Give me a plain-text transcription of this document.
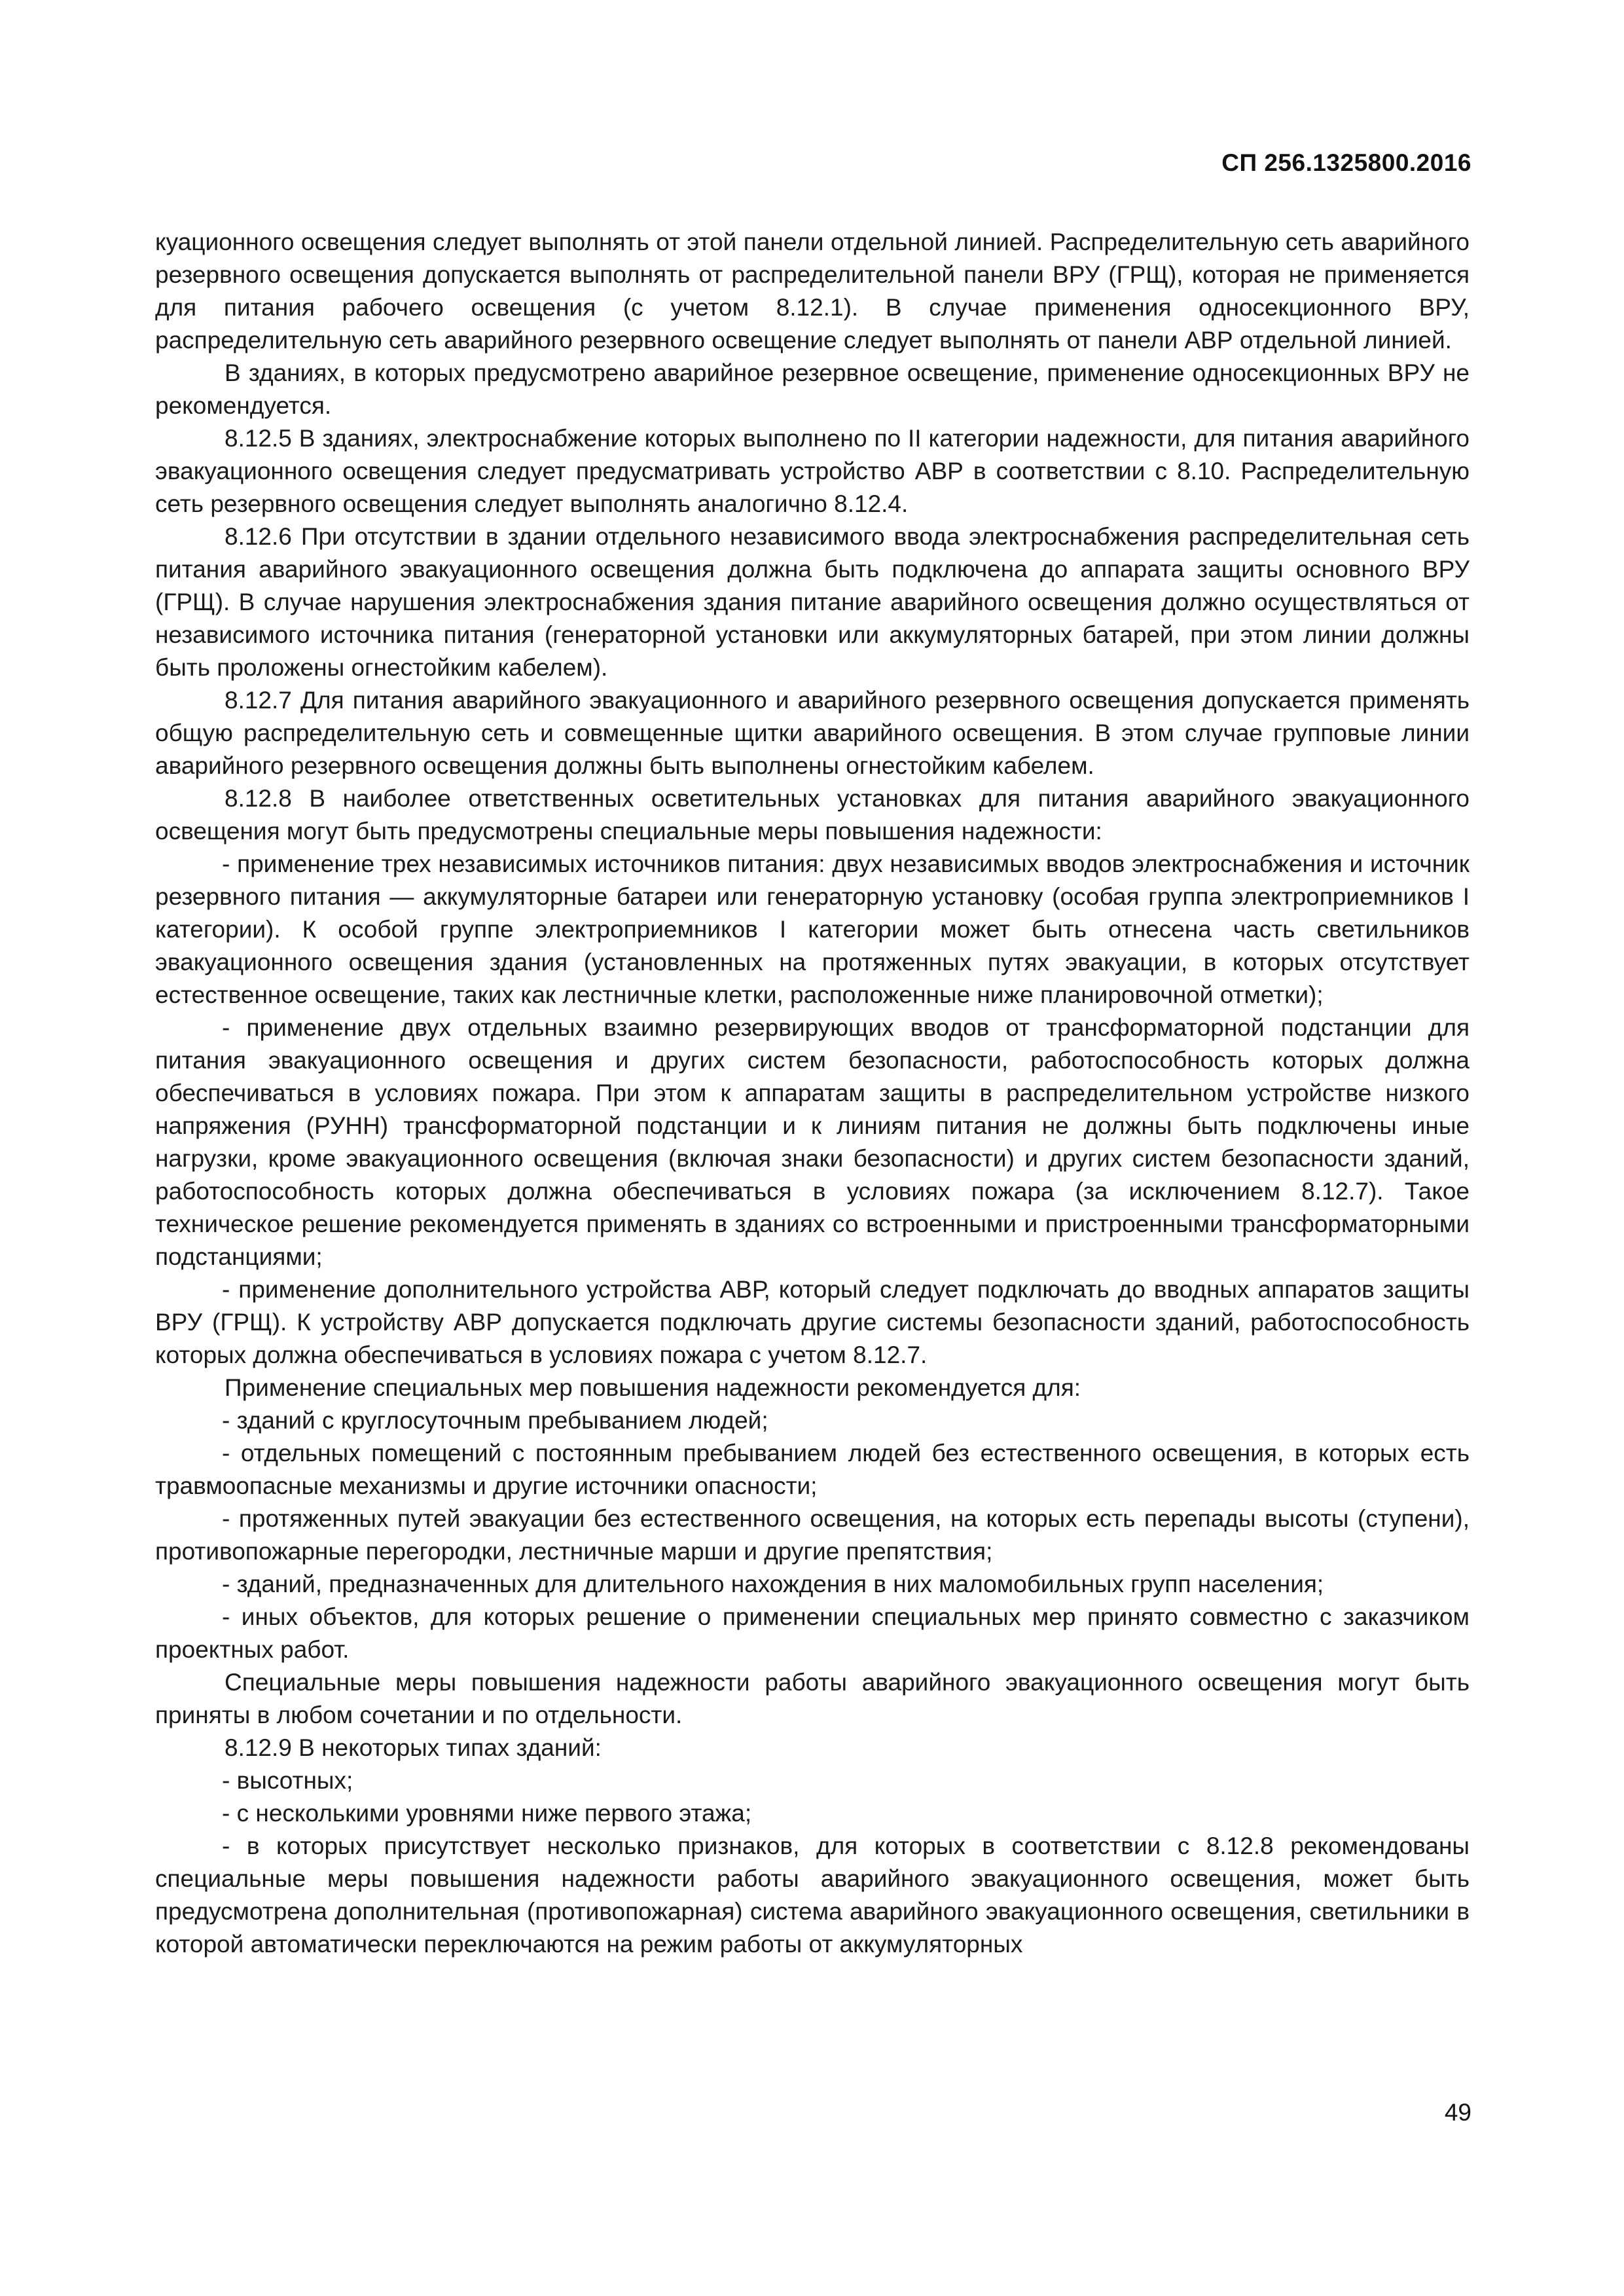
СП 256.1325800.2016

куационного освещения следует выполнять от этой панели отдельной линией. Распределительную сеть аварийного резервного освещения допускается выполнять от распределительной панели ВРУ (ГРЩ), которая не применяется для питания рабочего освещения (с учетом 8.12.1). В случае применения односекционного ВРУ, распределительную сеть аварийного резервного освещение следует выполнять от панели АВР отдельной линией.

В зданиях, в которых предусмотрено аварийное резервное освещение, применение односекционных ВРУ не рекомендуется.

8.12.5 В зданиях, электроснабжение которых выполнено по II категории надежности, для питания аварийного эвакуационного освещения следует предусматривать устройство АВР в соответствии с 8.10. Распределительную сеть резервного освещения следует выполнять аналогично 8.12.4.

8.12.6 При отсутствии в здании отдельного независимого ввода электроснабжения распределительная сеть питания аварийного эвакуационного освещения должна быть подключена до аппарата защиты основного ВРУ (ГРЩ). В случае нарушения электроснабжения здания питание аварийного освещения должно осуществляться от независимого источника питания (генераторной установки или аккумуляторных батарей, при этом линии должны быть проложены огнестойким кабелем).

8.12.7 Для питания аварийного эвакуационного и аварийного резервного освещения допускается применять общую распределительную сеть и совмещенные щитки аварийного освещения. В этом случае групповые линии аварийного резервного освещения должны быть выполнены огнестойким кабелем.

8.12.8 В наиболее ответственных осветительных установках для питания аварийного эвакуационного освещения могут быть предусмотрены специальные меры повышения надежности:

- применение трех независимых источников питания: двух независимых вводов электроснабжения и источник резервного питания — аккумуляторные батареи или генераторную установку (особая группа электроприемников I категории). К особой группе электроприемников I категории может быть отнесена часть светильников эвакуационного освещения здания (установленных на протяженных путях эвакуации, в которых отсутствует естественное освещение, таких как лестничные клетки, расположенные ниже планировочной отметки);

- применение двух отдельных взаимно резервирующих вводов от трансформаторной подстанции для питания эвакуационного освещения и других систем безопасности, работоспособность которых должна обеспечиваться в условиях пожара. При этом к аппаратам защиты в распределительном устройстве низкого напряжения (РУНН) трансформаторной подстанции и к линиям питания не должны быть подключены иные нагрузки, кроме эвакуационного освещения (включая знаки безопасности) и других систем безопасности зданий, работоспособность которых должна обеспечиваться в условиях пожара (за исключением 8.12.7). Такое техническое решение рекомендуется применять в зданиях со встроенными и пристроенными трансформаторными подстанциями;

- применение дополнительного устройства АВР, который следует подключать до вводных аппаратов защиты ВРУ (ГРЩ). К устройству АВР допускается подключать другие системы безопасности зданий, работоспособность которых должна обеспечиваться в условиях пожара с учетом 8.12.7.

Применение специальных мер повышения надежности рекомендуется для:

- зданий с круглосуточным пребыванием людей;

- отдельных помещений с постоянным пребыванием людей без естественного освещения, в которых есть травмоопасные механизмы и другие источники опасности;

- протяженных путей эвакуации без естественного освещения, на которых есть перепады высоты (ступени), противопожарные перегородки, лестничные марши и другие препятствия;

- зданий, предназначенных для длительного нахождения в них маломобильных групп населения;

- иных объектов, для которых решение о применении специальных мер принято совместно с заказчиком проектных работ.

Специальные меры повышения надежности работы аварийного эвакуационного освещения могут быть приняты в любом сочетании и по отдельности.

8.12.9 В некоторых типах зданий:

- высотных;

- с несколькими уровнями ниже первого этажа;

- в которых присутствует несколько признаков, для которых в соответствии с 8.12.8 рекомендованы специальные меры повышения надежности работы аварийного эвакуационного освещения, может быть предусмотрена дополнительная (противопожарная) система аварийного эвакуационного освещения, светильники в которой автоматически переключаются на режим работы от аккумуляторных

49
